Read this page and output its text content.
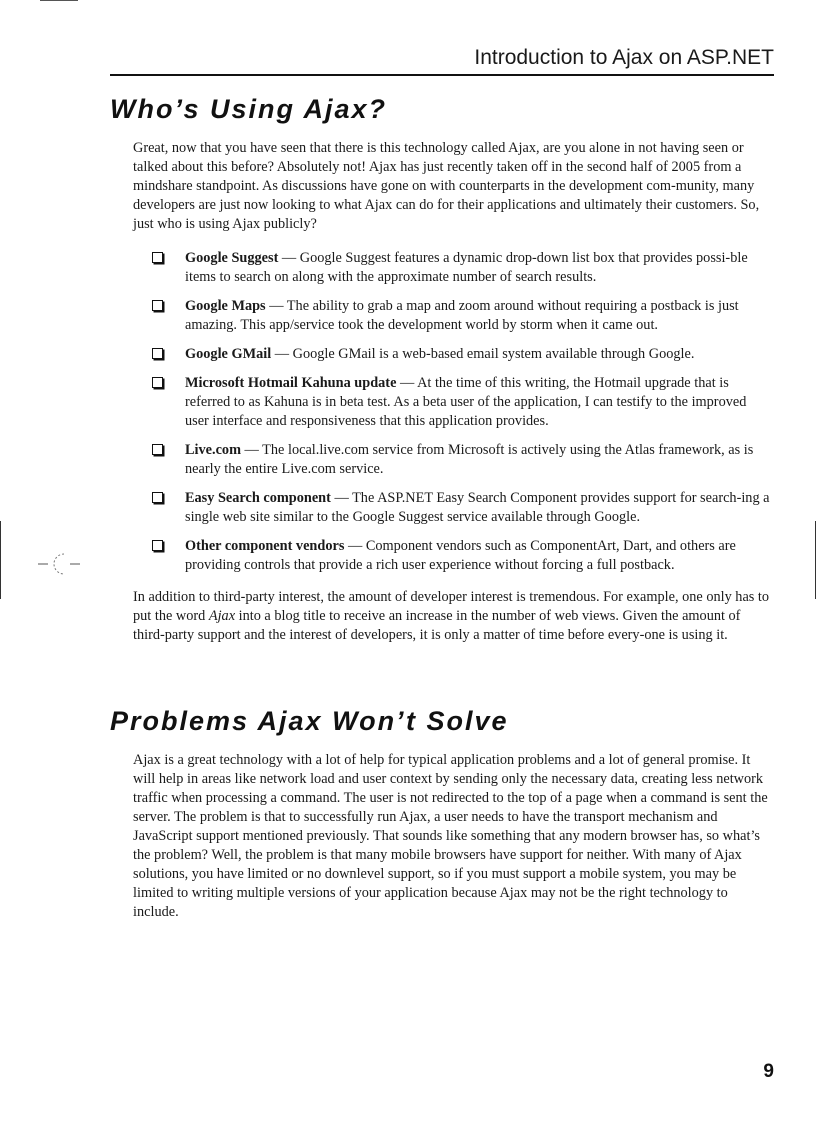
Introduction to Ajax on ASP.NET
Who’s Using Ajax?

Great, now that you have seen that there is this technology called Ajax, are you alone in not having seen or talked about this before? Absolutely not! Ajax has just recently taken off in the second half of 2005 from a mindshare standpoint. As discussions have gone on with counterparts in the development com-munity, many developers are just now looking to what Ajax can do for their applications and ultimately their customers. So, just who is using Ajax publicly?

Google Suggest — Google Suggest features a dynamic drop-down list box that provides possi-ble items to search on along with the approximate number of search results.
Google Maps — The ability to grab a map and zoom around without requiring a postback is just amazing. This app/service took the development world by storm when it came out.
Google GMail — Google GMail is a web-based email system available through Google.
Microsoft Hotmail Kahuna update — At the time of this writing, the Hotmail upgrade that is referred to as Kahuna is in beta test. As a beta user of the application, I can testify to the improved user interface and responsiveness that this application provides.
Live.com — The local.live.com service from Microsoft is actively using the Atlas framework, as is nearly the entire Live.com service.
Easy Search component — The ASP.NET Easy Search Component provides support for search-ing a single web site similar to the Google Suggest service available through Google.
Other component vendors — Component vendors such as ComponentArt, Dart, and others are providing controls that provide a rich user experience without forcing a full postback.

In addition to third-party interest, the amount of developer interest is tremendous. For example, one only has to put the word Ajax into a blog title to receive an increase in the number of web views. Given the amount of third-party support and the interest of developers, it is only a matter of time before every-one is using it.

Problems Ajax Won’t Solve

Ajax is a great technology with a lot of help for typical application problems and a lot of general promise. It will help in areas like network load and user context by sending only the necessary data, creating less network traffic when processing a command. The user is not redirected to the top of a page when a command is sent the server. The problem is that to successfully run Ajax, a user needs to have the transport mechanism and JavaScript support mentioned previously. That sounds like something that any modern browser has, so what’s the problem? Well, the problem is that many mobile browsers have support for neither. With many of Ajax solutions, you have limited or no downlevel support, so if you must support a mobile system, you may be limited to writing multiple versions of your application because Ajax may not be the right technology to include.

9
